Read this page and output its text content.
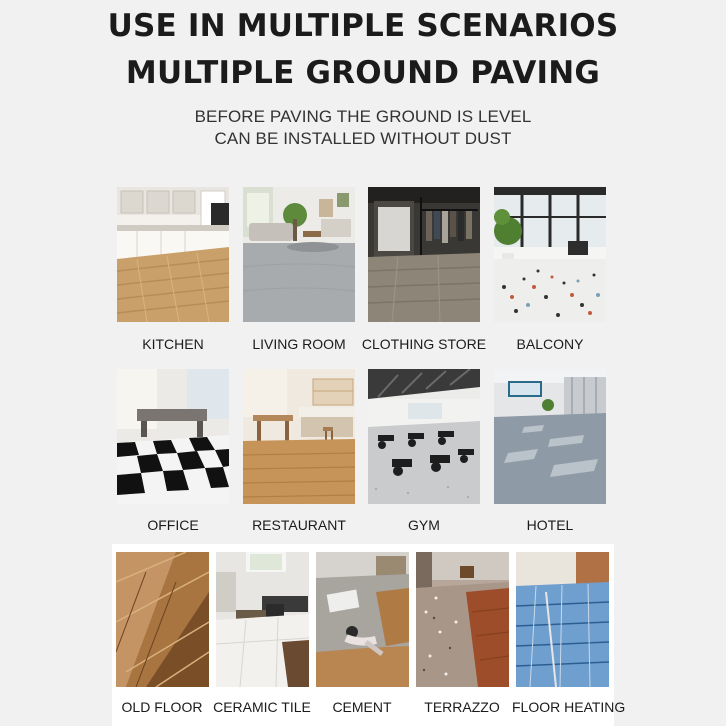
USE IN MULTIPLE SCENARIOS
MULTIPLE GROUND PAVING
BEFORE PAVING THE GROUND IS LEVEL
CAN BE INSTALLED WITHOUT DUST
KITCHEN	LIVING ROOM	CLOTHING STORE	BALCONY
OFFICE	RESTAURANT	GYM	HOTEL
OLD FLOOR CERAMIC TILE	CEMENT	TERRAZZO FLOOR HEATING
